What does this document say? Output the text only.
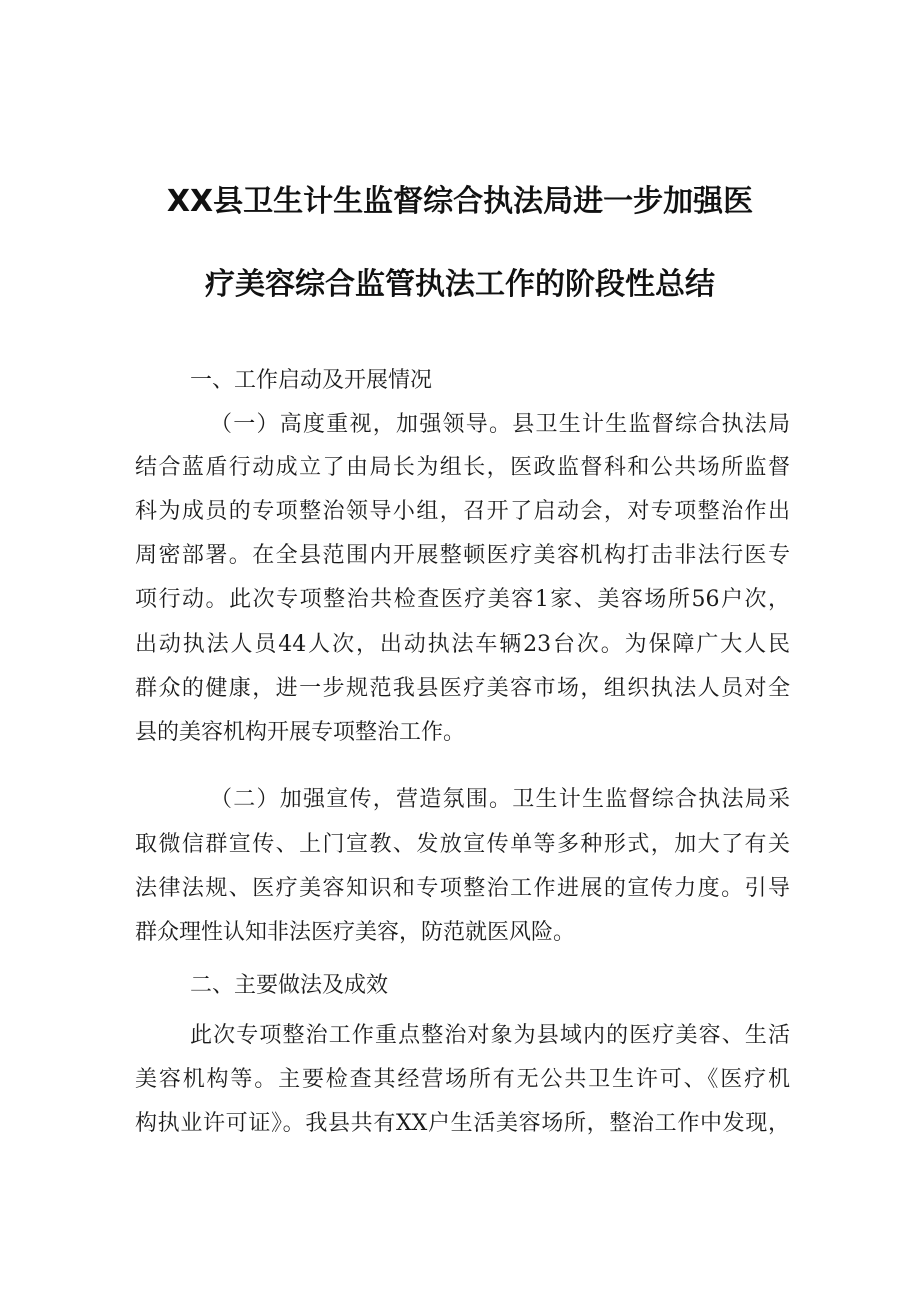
XX县卫生计生监督综合执法局进一步加强医
疗美容综合监管执法工作的阶段性总结
一、工作启动及开展情况
（一）高度重视，加强领导。县卫生计生监督综合执法局
结合蓝盾行动成立了由局长为组长，医政监督科和公共场所监督
科为成员的专项整治领导小组，召开了启动会，对专项整治作出
周密部署。在全县范围内开展整顿医疗美容机构打击非法行医专
项行动。此次专项整治共检查医疗美容1家、美容场所56户次，
出动执法人员44人次，出动执法车辆23台次。为保障广大人民
群众的健康，进一步规范我县医疗美容市场，组织执法人员对全
县的美容机构开展专项整治工作。
（二）加强宣传，营造氛围。卫生计生监督综合执法局采
取微信群宣传、上门宣教、发放宣传单等多种形式，加大了有关
法律法规、医疗美容知识和专项整治工作进展的宣传力度。引导
群众理性认知非法医疗美容，防范就医风险。
二、主要做法及成效
此次专项整治工作重点整治对象为县域内的医疗美容、生活
美容机构等。主要检查其经营场所有无公共卫生许可、《医疗机
构执业许可证》。我县共有XX户生活美容场所，整治工作中发现，
